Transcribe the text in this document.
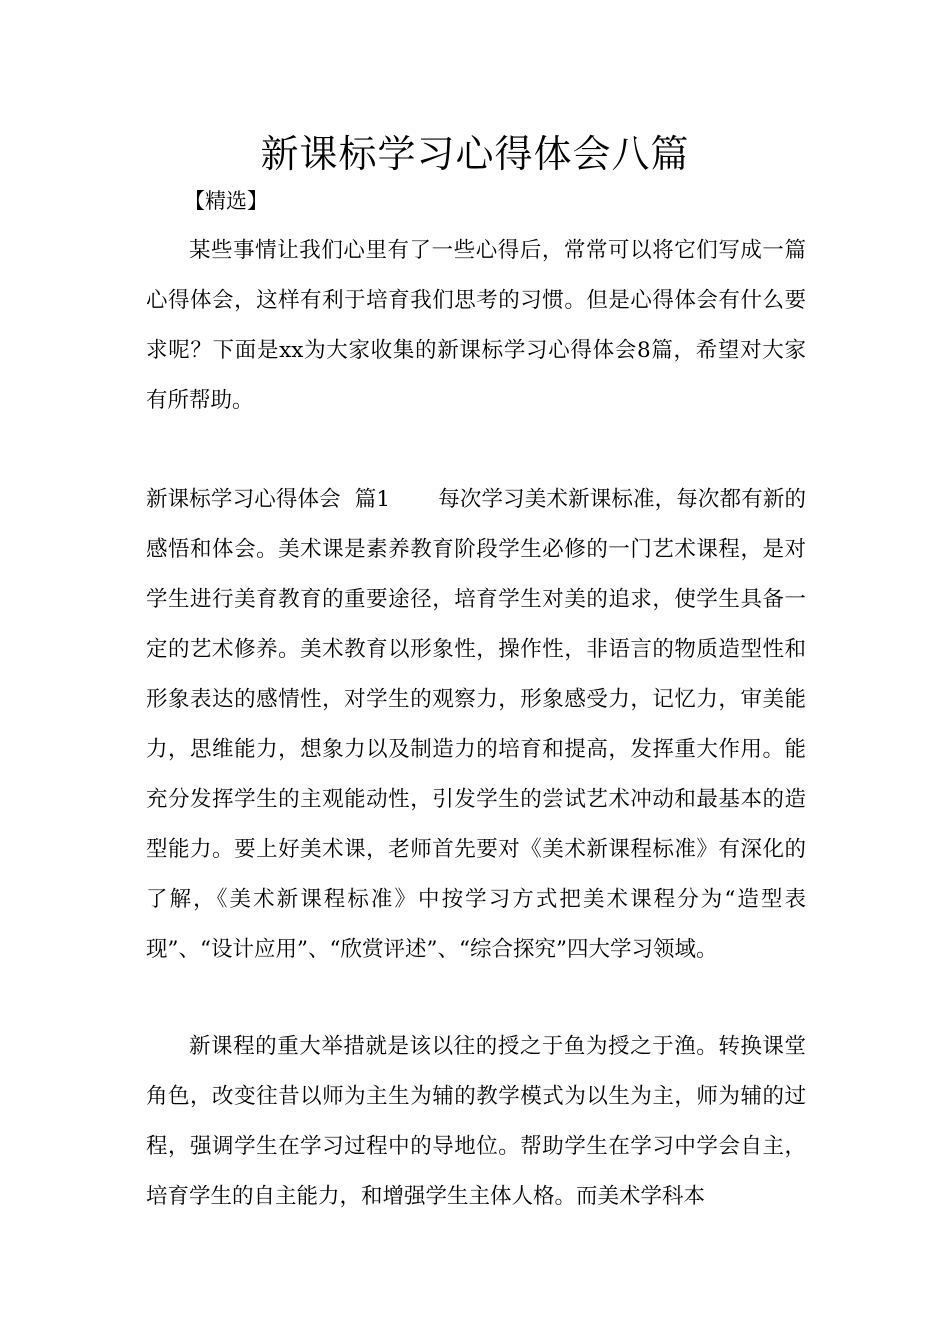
新课标学习心得体会八篇

【精选】

某些事情让我们心里有了一些心得后，常常可以将它们写成一篇心得体会，这样有利于培育我们思考的习惯。但是心得体会有什么要求呢？下面是xx为大家收集的新课标学习心得体会8篇，希望对大家有所帮助。

新课标学习心得体会  篇1 每次学习美术新课标准，每次都有新的感悟和体会。美术课是素养教育阶段学生必修的一门艺术课程，是对学生进行美育教育的重要途径，培育学生对美的追求，使学生具备一定的艺术修养。美术教育以形象性，操作性，非语言的物质造型性和形象表达的感情性，对学生的观察力，形象感受力，记忆力，审美能力，思维能力，想象力以及制造力的培育和提高，发挥重大作用。能充分发挥学生的主观能动性，引发学生的尝试艺术冲动和最基本的造型能力。要上好美术课，老师首先要对《美术新课程标准》有深化的了解，《美术新课程标准》中按学习方式把美术课程分为“造型表现”、“设计应用”、“欣赏评述”、“综合探究”四大学习领域。

新课程的重大举措就是该以往的授之于鱼为授之于渔。转换课堂角色，改变往昔以师为主生为辅的教学模式为以生为主，师为辅的过程，强调学生在学习过程中的导地位。帮助学生在学习中学会自主，培育学生的自主能力，和增强学生主体人格。而美术学科本
